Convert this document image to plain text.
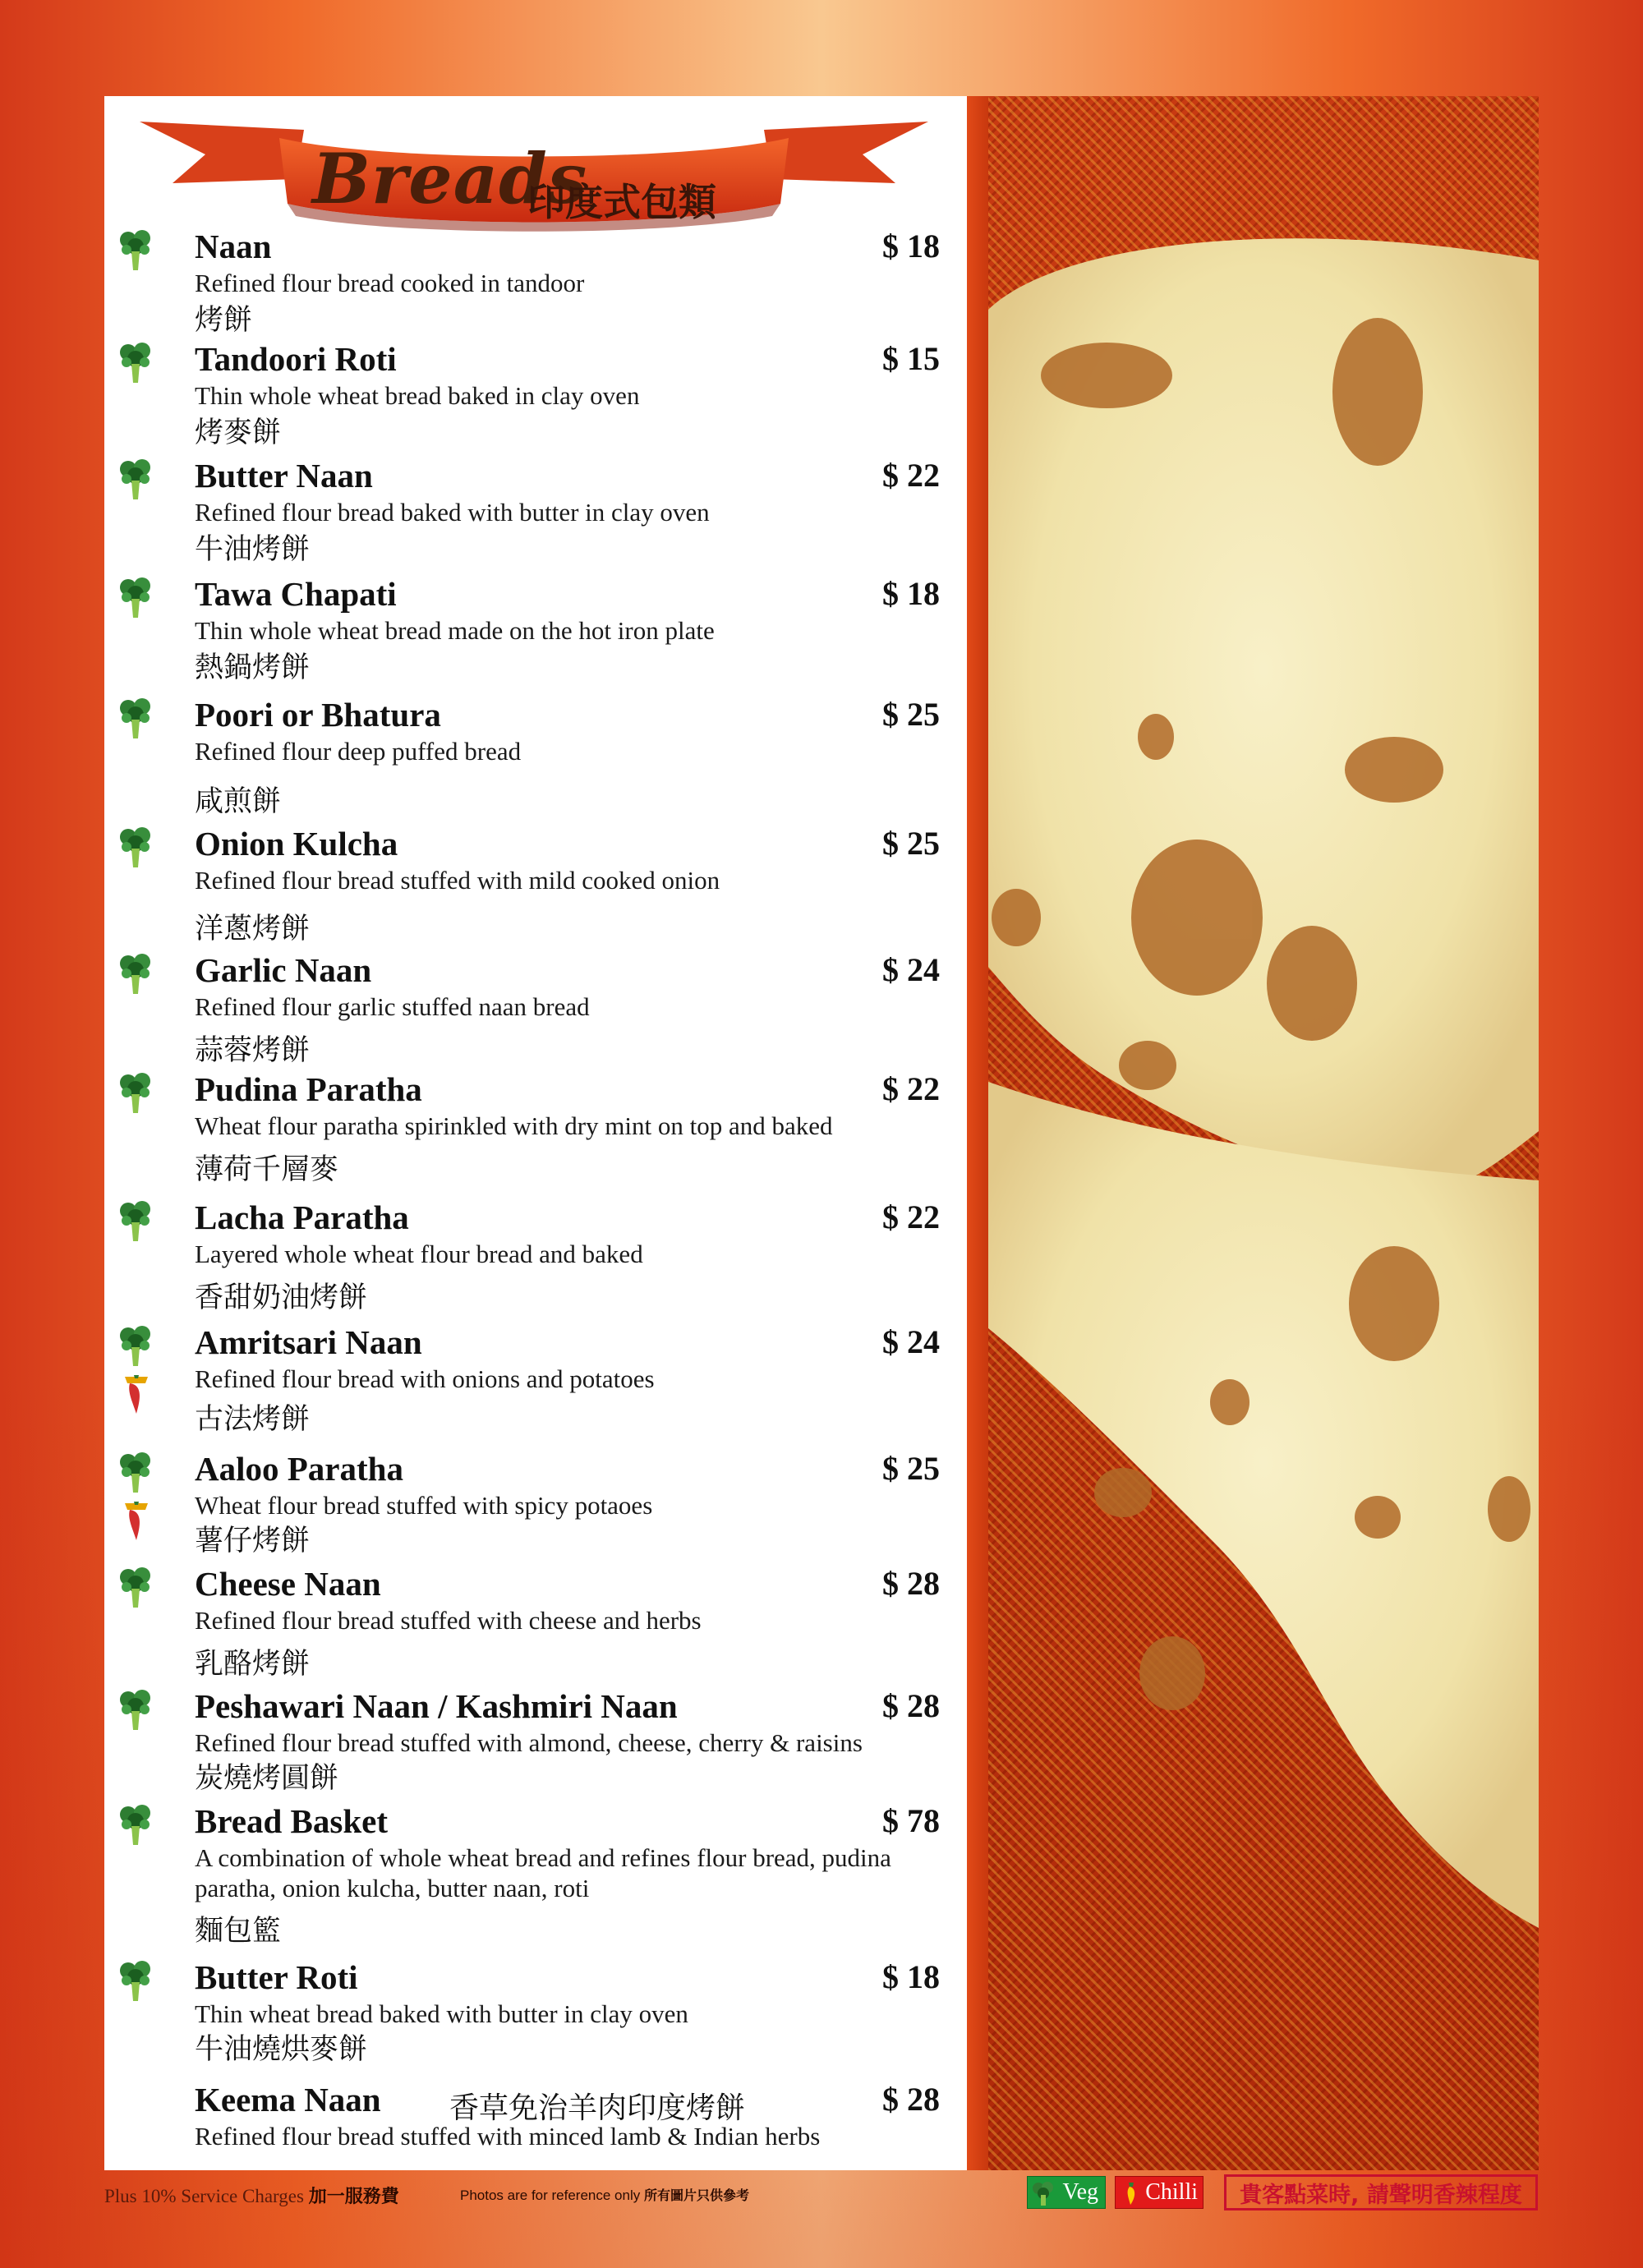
Breads
印度式包類
Naan	$ 18
Refined flour bread cooked in tandoor
烤餅
Tandoori Roti	$ 15
Thin whole wheat bread baked in clay oven
烤麥餅
Butter Naan	$ 22
Refined flour bread baked with butter in clay oven
牛油烤餅
Tawa Chapati	$ 18
Thin whole wheat bread made on the hot iron plate
熱鍋烤餅
Poori or Bhatura	$ 25
Refined flour deep puffed bread
咸煎餅
Onion Kulcha	$ 25
Refined flour bread stuffed with mild cooked onion
洋蔥烤餅
Garlic Naan	$ 24
Refined flour garlic stuffed naan bread
蒜蓉烤餅
Pudina Paratha	$ 22
Wheat flour paratha spirinkled with dry mint on top and baked
薄荷千層麥
Lacha Paratha	$ 22
Layered whole wheat flour bread and baked
香甜奶油烤餅
Amritsari Naan	$ 24
Refined flour bread with onions and potatoes
古法烤餅
Aaloo Paratha	$ 25
Wheat flour bread stuffed with spicy potaoes
薯仔烤餅
Cheese Naan	$ 28
Refined flour bread stuffed with cheese and herbs
乳酪烤餅
Peshawari Naan / Kashmiri Naan	$ 28
Refined flour bread stuffed with almond, cheese, cherry & raisins
炭燒烤圓餅
Bread Basket	$ 78
A combination of whole wheat bread and refines flour bread, pudina paratha, onion kulcha, butter naan, roti
麵包籃
Butter Roti	$ 18
Thin wheat bread baked with butter in clay oven
牛油燒烘麥餅
Keema Naan 香草免治羊肉印度烤餅	$ 28
Refined flour bread stuffed with minced lamb & Indian herbs
Plus 10% Service Charges 加一服務費	Photos are for reference only 所有圖片只供參考	Veg Chilli	貴客點菜時, 請聲明香辣程度
